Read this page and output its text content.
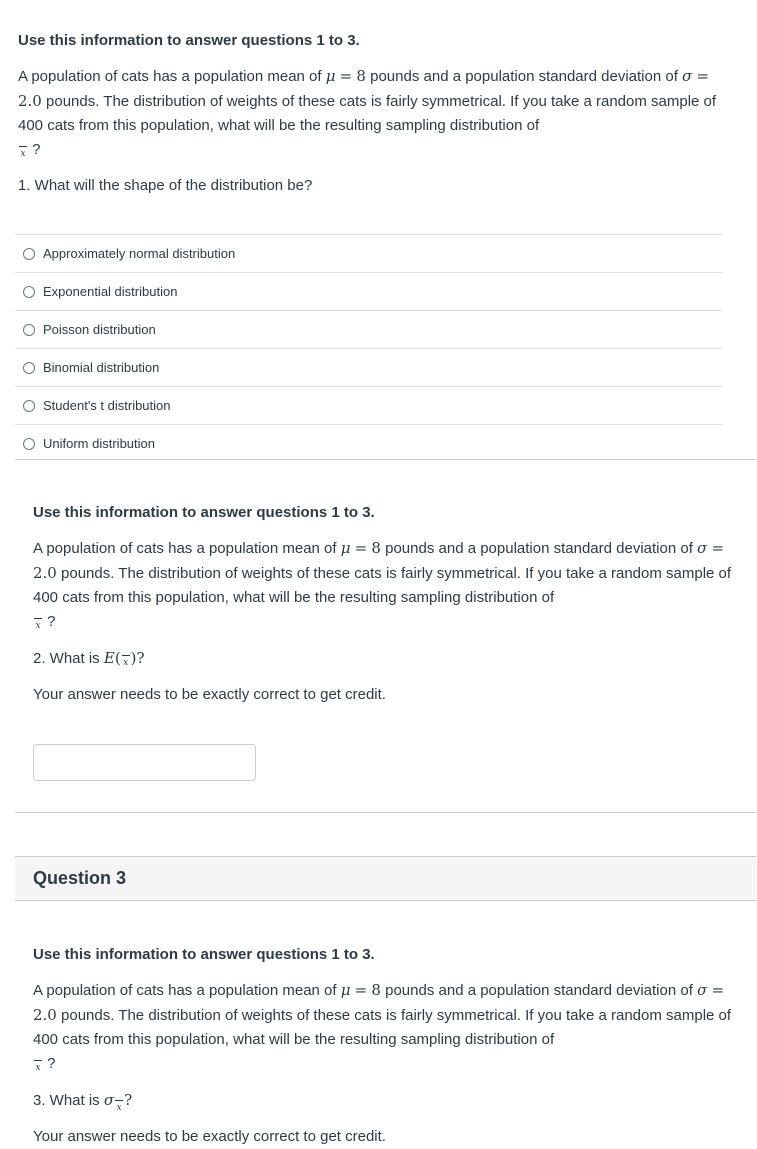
Use this information to answer questions 1 to 3.
A population of cats has a population mean of μ = 8 pounds and a population standard deviation of σ = 2.0 pounds. The distribution of weights of these cats is fairly symmetrical. If you take a random sample of 400 cats from this population, what will be the resulting sampling distribution of
x ?
1. What will the shape of the distribution be?
Approximately normal distribution
Exponential distribution
Poisson distribution
Binomial distribution
Student's t distribution
Uniform distribution
Use this information to answer questions 1 to 3.
A population of cats has a population mean of μ = 8 pounds and a population standard deviation of σ = 2.0 pounds. The distribution of weights of these cats is fairly symmetrical. If you take a random sample of 400 cats from this population, what will be the resulting sampling distribution of
x ?
2. What is E( x )?
Your answer needs to be exactly correct to get credit.
Question 3
Use this information to answer questions 1 to 3.
A population of cats has a population mean of μ = 8 pounds and a population standard deviation of σ = 2.0 pounds. The distribution of weights of these cats is fairly symmetrical. If you take a random sample of 400 cats from this population, what will be the resulting sampling distribution of
x ?
3. What is σ x ?
Your answer needs to be exactly correct to get credit.
